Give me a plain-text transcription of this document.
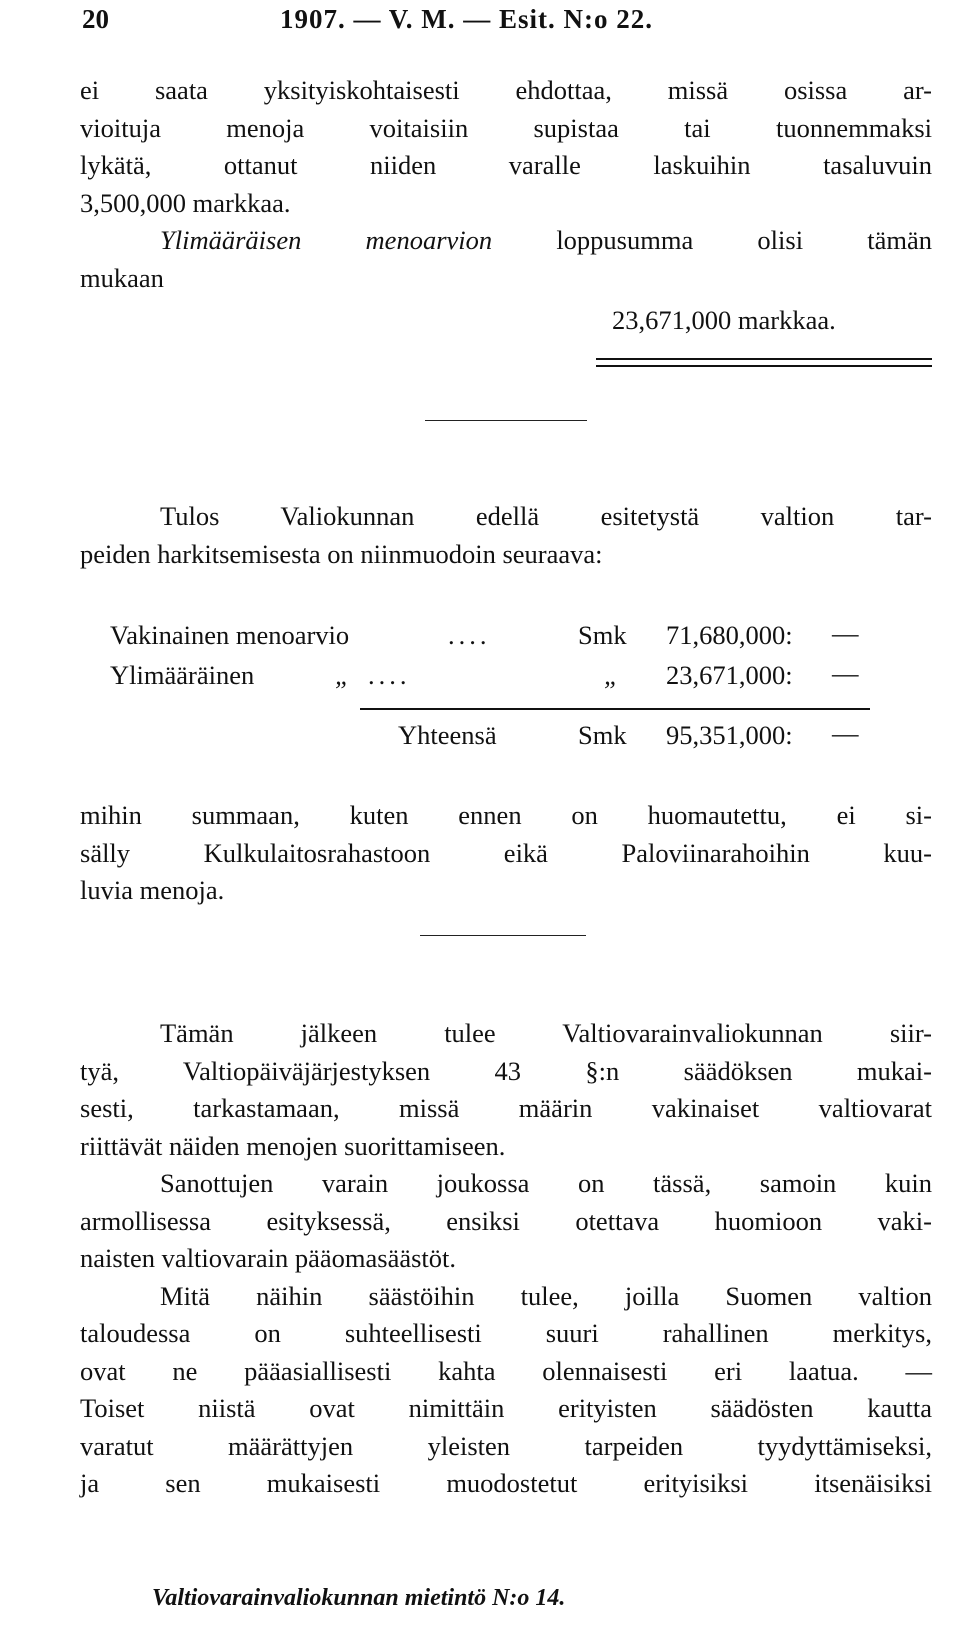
20	1907. — V. M. — Esit. N:o 22.
ei saata yksityiskohtaisesti ehdottaa, missä osissa ar-
vioituja menoja voitaisiin supistaa tai tuonnemmaksi
lykätä, ottanut niiden varalle laskuihin tasaluvuin
3,500,000 markkaa.
Ylimääräisen menoarvion loppusumma olisi tämän
mukaan
23,671,000 markkaa.
Tulos Valiokunnan edellä esitetystä valtion tar-
peiden harkitsemisesta on niinmuodoin seuraava:
Vakinainen menoarvio	....	Smk 71,680,000: —
Ylimääräinen	„ ....	„ 23,671,000: —
Yhteensä	Smk 95,351,000: —
mihin summaan, kuten ennen on huomautettu, ei si-
sälly Kulkulaitosrahastoon eikä Paloviinarahoihin kuu-
luvia menoja.
Tämän jälkeen tulee Valtiovarainvaliokunnan siir-
tyä, Valtiopäiväjärjestyksen 43 §:n säädöksen mukai-
sesti, tarkastamaan, missä määrin vakinaiset valtiovarat
riittävät näiden menojen suorittamiseen.
Sanottujen varain joukossa on tässä, samoin kuin
armollisessa esityksessä, ensiksi otettava huomioon vaki-
naisten valtiovarain pääomasäästöt.
Mitä näihin säästöihin tulee, joilla Suomen valtion
taloudessa on suhteellisesti suuri rahallinen merkitys,
ovat ne pääasiallisesti kahta olennaisesti eri laatua. —
Toiset niistä ovat nimittäin erityisten säädösten kautta
varatut määrättyjen yleisten tarpeiden tyydyttämiseksi,
ja sen mukaisesti muodostetut erityisiksi itsenäisiksi
Valtiovarainvaliokunnan mietintö N:o 14.
